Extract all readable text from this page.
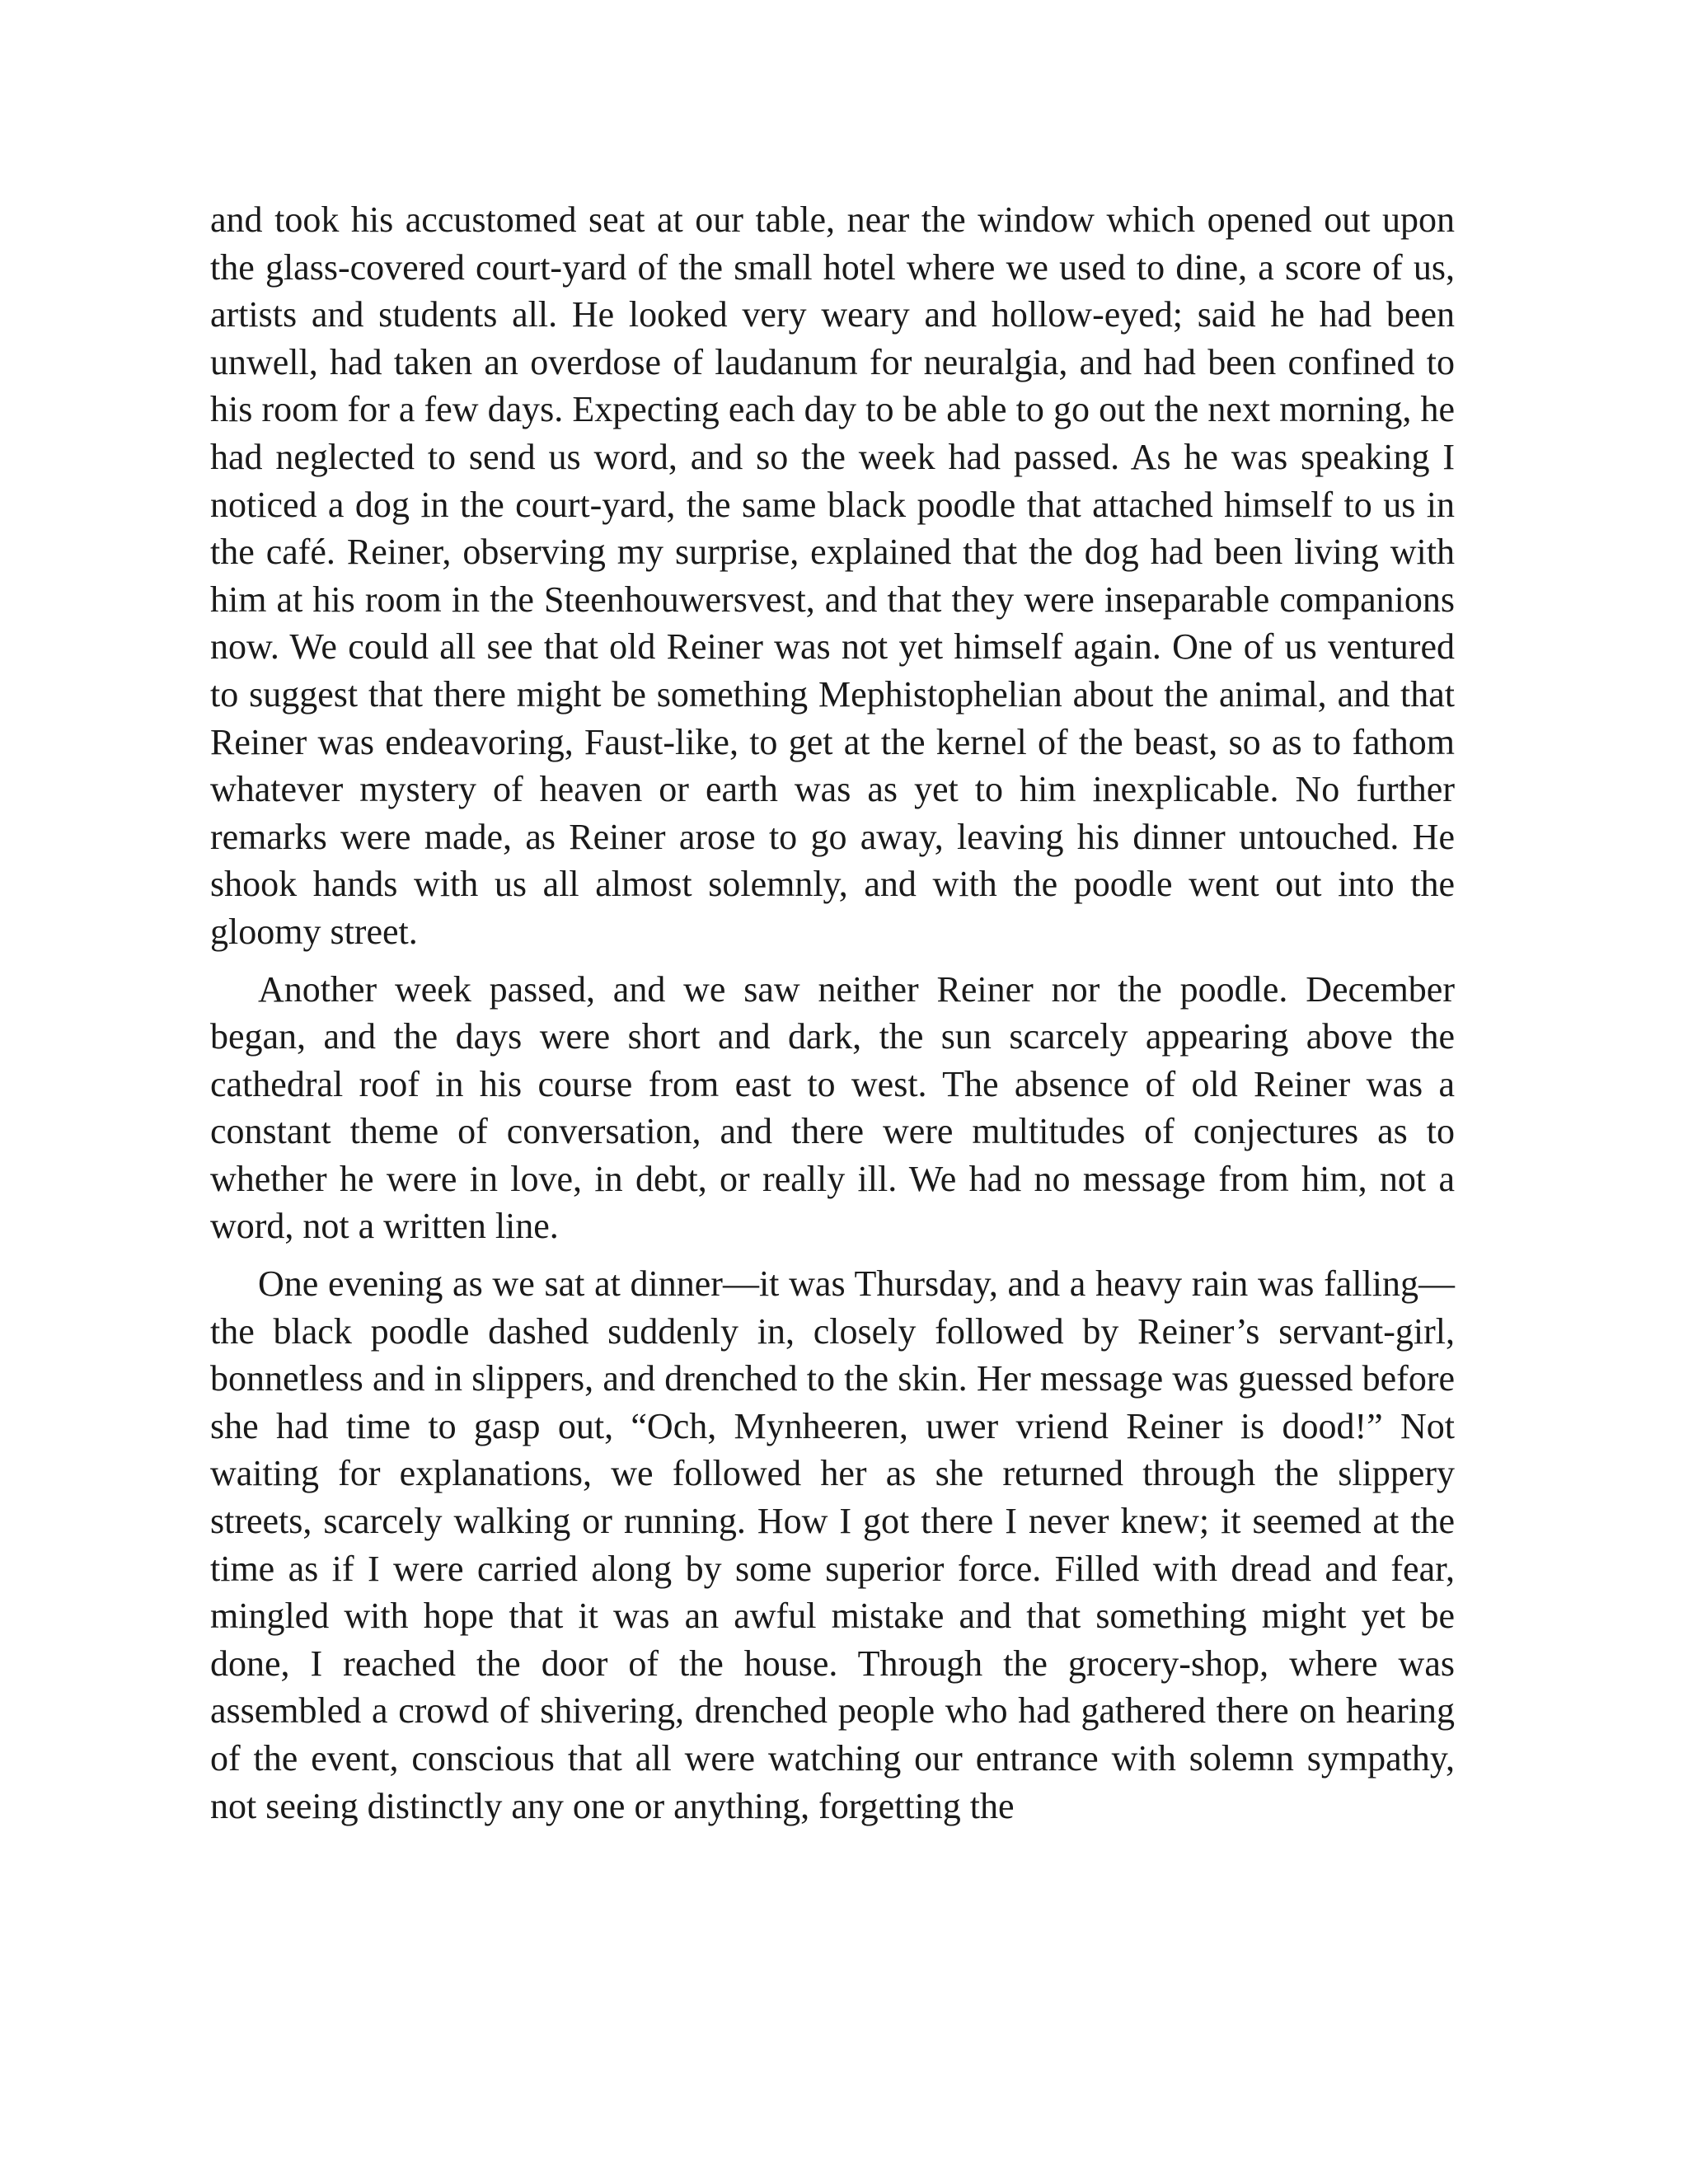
and took his accustomed seat at our table, near the window which opened out upon the glass-covered court-yard of the small hotel where we used to dine, a score of us, artists and students all. He looked very weary and hollow-eyed; said he had been unwell, had taken an overdose of laudanum for neuralgia, and had been confined to his room for a few days. Expecting each day to be able to go out the next morning, he had neglected to send us word, and so the week had passed. As he was speaking I noticed a dog in the court-yard, the same black poodle that attached himself to us in the café. Reiner, observing my surprise, explained that the dog had been living with him at his room in the Steenhouwersvest, and that they were inseparable companions now. We could all see that old Reiner was not yet himself again. One of us ventured to suggest that there might be something Mephistophelian about the animal, and that Reiner was endeavoring, Faust-like, to get at the kernel of the beast, so as to fathom whatever mystery of heaven or earth was as yet to him inexplicable. No further remarks were made, as Reiner arose to go away, leaving his dinner untouched. He shook hands with us all almost solemnly, and with the poodle went out into the gloomy street.

Another week passed, and we saw neither Reiner nor the poodle. December began, and the days were short and dark, the sun scarcely appearing above the cathedral roof in his course from east to west. The absence of old Reiner was a constant theme of conversation, and there were multitudes of conjectures as to whether he were in love, in debt, or really ill. We had no message from him, not a word, not a written line.

One evening as we sat at dinner—it was Thursday, and a heavy rain was falling—the black poodle dashed suddenly in, closely followed by Reiner’s servant-girl, bonnetless and in slippers, and drenched to the skin. Her message was guessed before she had time to gasp out, “Och, Mynheeren, uwer vriend Reiner is dood!” Not waiting for explanations, we followed her as she returned through the slippery streets, scarcely walking or running. How I got there I never knew; it seemed at the time as if I were carried along by some superior force. Filled with dread and fear, mingled with hope that it was an awful mistake and that something might yet be done, I reached the door of the house. Through the grocery-shop, where was assembled a crowd of shivering, drenched people who had gathered there on hearing of the event, conscious that all were watching our entrance with solemn sympathy, not seeing distinctly any one or anything, forgetting the
